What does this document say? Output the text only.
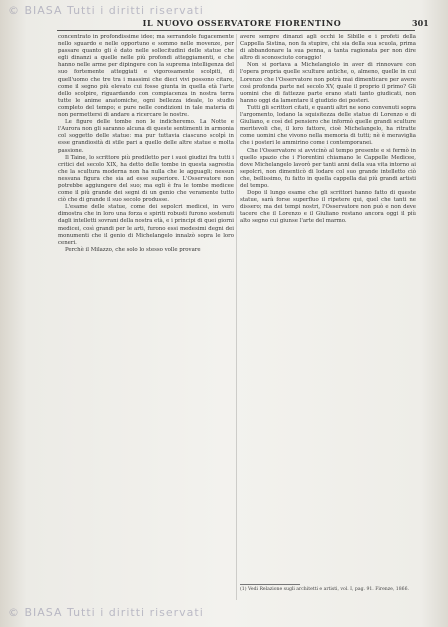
© BIASA Tutti i diritti riservati
IL NUOVO OSSERVATORE FIORENTINO	301

concentrato in profondissime idee; ma serrandole fugacemente nello sguardo e nelle opportuno e sommo nelle movenze, per passare quanto gli è dato nelle sollecitudini delle statue che egli dinanzi a quelle nelle più profondi atteggiamenti, e che hanno nelle arme per dipingere con la suprema intelligenza del suo fortemente atteggiati e vigorosamente scolpiti, di quell'uomo che tre tra i massimi che dieci vivi possono citare, come il segno più elevato cui fosse giunta in quella età l'arte dello scolpire, riguardando con compiacenza in nostra terra tutte le anime anatomiche, ogni bellezza ideale, lo studio completo del tempo; e pure nelle condizioni in tale materia di non permettersi di andare a ricercare le nostre.

Le figure delle tombe non le indicheremo. La Notte e l'Aurora non gli saranno alcuna di queste sentimenti in armonia col soggetto delle statue: ma pur tuttavia ciascuno scolpì in esse grandiosità di stile pari a quello delle altre statue e molta passione.

Il Taine, lo scrittore più prediletto per i suoi giudizi fra tutti i critici del secolo XIX, ha detto delle tombe in questa sagrestia che la scultura moderna non ha nulla che le agguagli; nessun nessuna figura che sia ad esse superiore. L'Osservatore non potrebbe aggiungere del suo; ma egli è fra le tombe medicee come il più grande dei segni di un genio che veramente tutto ciò che di grande il suo secolo produsse.

L'esame delle statue, come dei sepolcri medicei, in vero dimostra che in loro una forza e spiriti robusti furono sostenuti dagli intelletti sovrani della nostra età, e i principi di quei giorni medicei, così grandi per le arti, furono essi medesimi degni dei monumenti che il genio di Michelangelo innalzò sopra le loro ceneri.

Perchè il Milazzo, che solo lo stesso volle provare

avere sempre dinanzi agli occhi le Sibille e i profeti della Cappella Sistina, non fa stupire, chi sia della sua scuola, prima di abbandonare la sua penna, a tanta ragionata per non dire altro di sconosciuto coraggio!

Non si portava a Michelangiolo in aver di rinnovare con l'opera propria quelle sculture antiche, o, almeno, quelle in cui Lorenzo che l'Osservatore non potrà mai dimenticare per avere così profonda parte nel secolo XV, quale il proprio il primo? Gli uomini che di fattezze parte erano stati tanto giudicati, non hanno oggi da lamentare il giudizio dei posteri.

Tutti gli scrittori citati, e quanti altri ne sono convenuti sopra l'argomento, lodano la squisitezza delle statue di Lorenzo e di Giuliano, e così del pensiero che informò quelle grandi sculture meritevoli che, il loro fattore, cioè Michelangelo, ha ritratte come uomini che vivono nella memoria di tutti; nè è meraviglia che i posteri le ammirino come i contemporanei.

Che l'Osservatore si avvicinò al tempo presente e si fermò in quello spazio che i Fiorentini chiamano le Cappelle Medicee, dove Michelangelo lavorò per tanti anni della sua vita intorno ai sepolcri, non dimenticò di lodare col suo grande intelletto ciò che, bellissimo, fu fatto in quella cappella dai più grandi artisti del tempo.

Dopo il lungo esame che gli scrittori hanno fatto di queste statue, sarà forse superfluo il ripetere qui, quel che tanti ne dissero; ma dei tempi nostri, l'Osservatore non può e non deve tacere che il Lorenzo e il Giuliano restano ancora oggi il più alto segno cui giunse l'arte del marmo.

(1) Vedi Relazione sugli architetti e artisti, vol. I, pag. 91. Firenze, 1866.
© BIASA Tutti i diritti riservati
